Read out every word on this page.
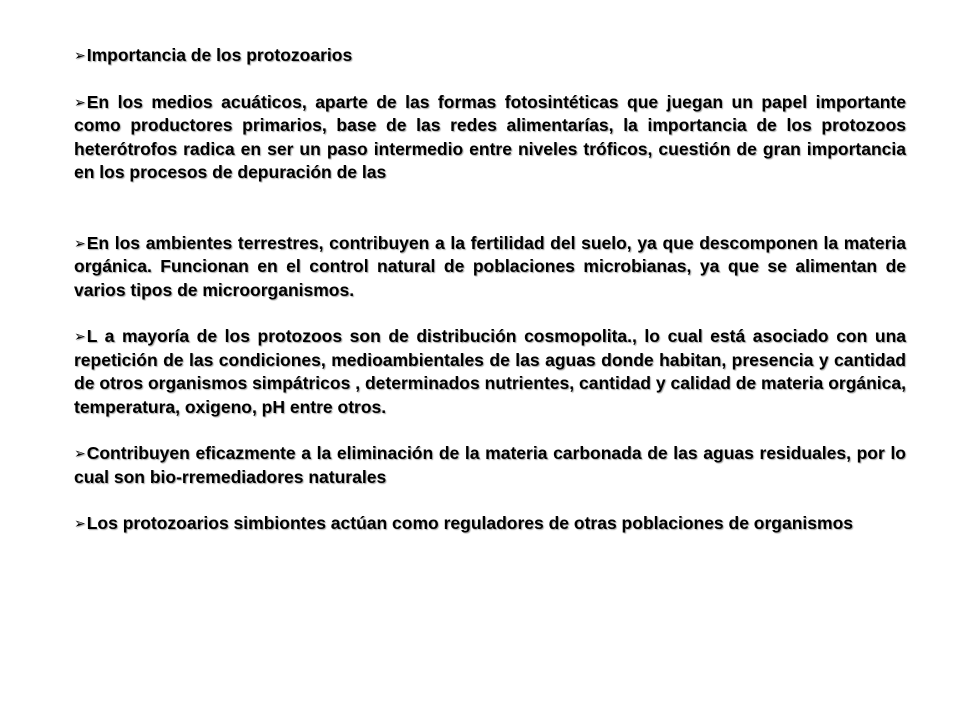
➢Importancia de los protozoarios

➢En los medios acuáticos, aparte de las formas fotosintéticas que juegan un papel importante como productores primarios, base de las redes alimentarías, la importancia de los protozoos heterótrofos radica en ser un paso intermedio entre niveles tróficos, cuestión de gran importancia en los procesos de depuración de las

➢En los ambientes terrestres, contribuyen a la fertilidad del suelo, ya que descomponen la materia orgánica. Funcionan en el control natural de poblaciones microbianas, ya que se alimentan de varios tipos de microorganismos.

➢L a mayoría de los protozoos son de distribución cosmopolita., lo cual está asociado con una repetición de las condiciones, medioambientales de las aguas donde habitan, presencia y cantidad de otros organismos simpátricos , determinados nutrientes, cantidad y calidad de materia orgánica, temperatura, oxigeno, pH entre otros.

➢Contribuyen eficazmente a la eliminación de la materia carbonada de las aguas residuales, por lo cual son bio-rremediadores naturales

➢Los protozoarios simbiontes actúan como reguladores de otras poblaciones de organismos
